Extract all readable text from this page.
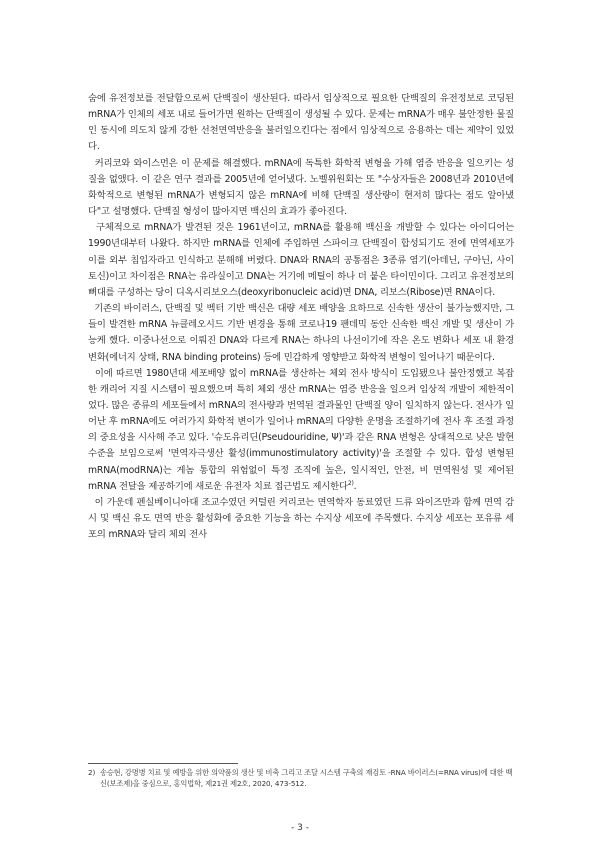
숨에 유전정보를 전달함으로써 단백질이 생산된다. 따라서 임상적으로 필요한 단백질의 유전정보로 코딩된 mRNA가 인체의 세포 내로 들어가면 원하는 단백질이 생성될 수 있다. 문제는 mRNA가 매우 불안정한 물질인 동시에 의도치 않게 강한 선천면역반응을 불러일으킨다는 점에서 임상적으로 응용하는 데는 제약이 있었다.

커리코와 와이스먼은 이 문제를 해결했다. mRNA에 독특한 화학적 변형을 가해 염증 반응을 일으키는 성질을 없앴다. 이 같은 연구 결과를 2005년에 얻어냈다. 노벨위원회는 또 "수상자들은 2008년과 2010년에 화학적으로 변형된 mRNA가 변형되지 않은 mRNA에 비해 단백질 생산량이 현저히 많다는 점도 알아냈다"고 설명했다. 단백질 형성이 많아지면 백신의 효과가 좋아진다.

구체적으로 mRNA가 발견된 것은 1961년이고, mRNA를 활용해 백신을 개발할 수 있다는 아이디어는 1990년대부터 나왔다. 하지만 mRNA를 인체에 주입하면 스파이크 단백질이 합성되기도 전에 면역세포가 이를 외부 침입자라고 인식하고 분해해 버렸다. DNA와 RNA의 공통점은 3종류 염기(아데닌, 구아닌, 사이토신)이고 차이점은 RNA는 유라실이고 DNA는 거기에 메틸이 하나 더 붙은 타이민이다. 그리고 유전정보의 뼈대를 구성하는 당이 디옥시리보오스(deoxyribonucleic acid)면 DNA, 리보스(Ribose)면 RNA이다.

기존의 바이러스, 단백질 및 벡터 기반 백신은 대량 세포 배양을 요하므로 신속한 생산이 불가능했지만, 그들이 발견한 mRNA 뉴클레오시드 기반 변경을 통해 코로나19 팬데믹 동안 신속한 백신 개발 및 생산이 가능케 했다. 이중나선으로 이뤄진 DNA와 다르게 RNA는 하나의 나선이기에 작은 온도 변화나 세포 내 환경 변화(에너지 상태, RNA binding proteins) 등에 민감하게 영향받고 화학적 변형이 일어나기 때문이다.

이에 따르면 1980년대 세포배양 없이 mRNA를 생산하는 체외 전사 방식이 도입됐으나 불안정했고 복잡한 캐리어 지질 시스템이 필요했으며 특히 체외 생산 mRNA는 염증 반응을 일으켜 임상적 개발이 제한적이었다. 많은 종류의 세포들에서 mRNA의 전사량과 번역된 결과물인 단백질 양이 일치하지 않는다. 전사가 일어난 후 mRNA에도 여러가지 화학적 변이가 일어나 mRNA의 다양한 운명을 조절하기에 전사 후 조절 과정의 중요성을 시사해 주고 있다. '슈도유리딘(Pseudouridine, Ψ)'과 같은 RNA 변형은 상대적으로 낮은 발현 수준을 보임으로써 '면역자극생산 활성(immunostimulatory activity)'을 조절할 수 있다. 합성 변형된 mRNA(modRNA)는 게놈 통합의 위험없이 특정 조직에 높은, 일시적인, 안전, 비 면역원성 및 제어된 mRNA 전달을 제공하기에 새로운 유전자 치료 접근법도 제시한다$^{2)}$.

이 가운데 펜실베이니아대 조교수였던 커털린 커리코는 면역학자 동료였던 드류 와이즈만과 함께 면역 감시 및 백신 유도 면역 반응 활성화에 중요한 기능을 하는 수지상 세포에 주목했다. 수지상 세포는 포유류 세포의 mRNA와 달리 체외 전사

2) 송승현, 강명병 치료 및 예방을 위한 의약품의 생산 및 비축 그리고 조달 시스템 구축의 재검토 -RNA 바이러스(=RNA virus)에 대한 백신(보조제)을 중심으로, 홍익법학, 제21권 제2호, 2020, 473-512.
- 3 -
